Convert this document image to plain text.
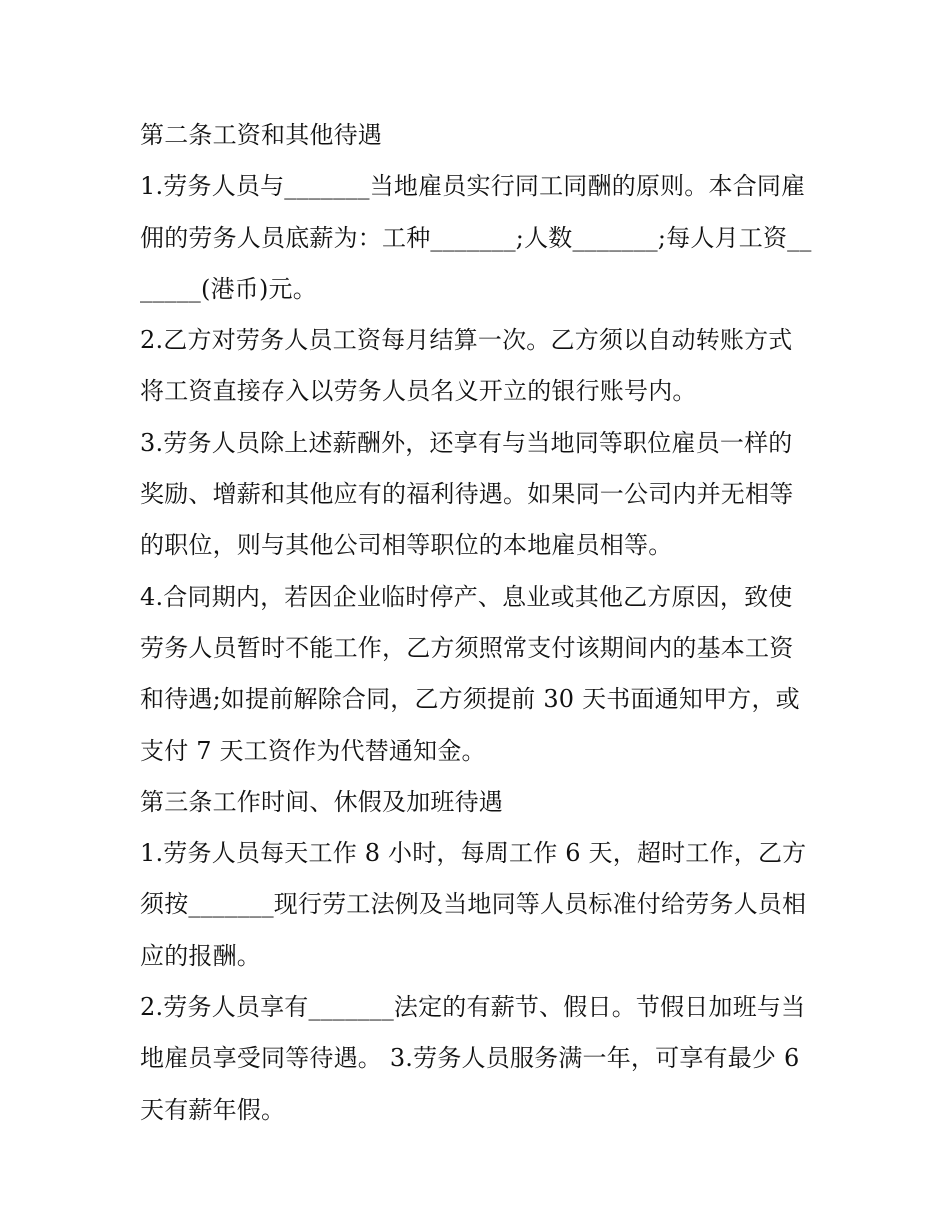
第二条工资和其他待遇

1.劳务人员与_______当地雇员实行同工同酬的原则。本合同雇佣的劳务人员底薪为：工种_______;人数_______;每人月工资_______(港币)元。

2.乙方对劳务人员工资每月结算一次。乙方须以自动转账方式将工资直接存入以劳务人员名义开立的银行账号内。

3.劳务人员除上述薪酬外，还享有与当地同等职位雇员一样的奖励、增薪和其他应有的福利待遇。如果同一公司内并无相等的职位，则与其他公司相等职位的本地雇员相等。

4.合同期内，若因企业临时停产、息业或其他乙方原因，致使劳务人员暂时不能工作，乙方须照常支付该期间内的基本工资和待遇;如提前解除合同，乙方须提前 30 天书面通知甲方，或支付 7 天工资作为代替通知金。

第三条工作时间、休假及加班待遇

1.劳务人员每天工作 8 小时，每周工作 6 天，超时工作，乙方须按_______现行劳工法例及当地同等人员标准付给劳务人员相应的报酬。

2.劳务人员享有_______法定的有薪节、假日。节假日加班与当地雇员享受同等待遇。 3.劳务人员服务满一年，可享有最少 6 天有薪年假。
